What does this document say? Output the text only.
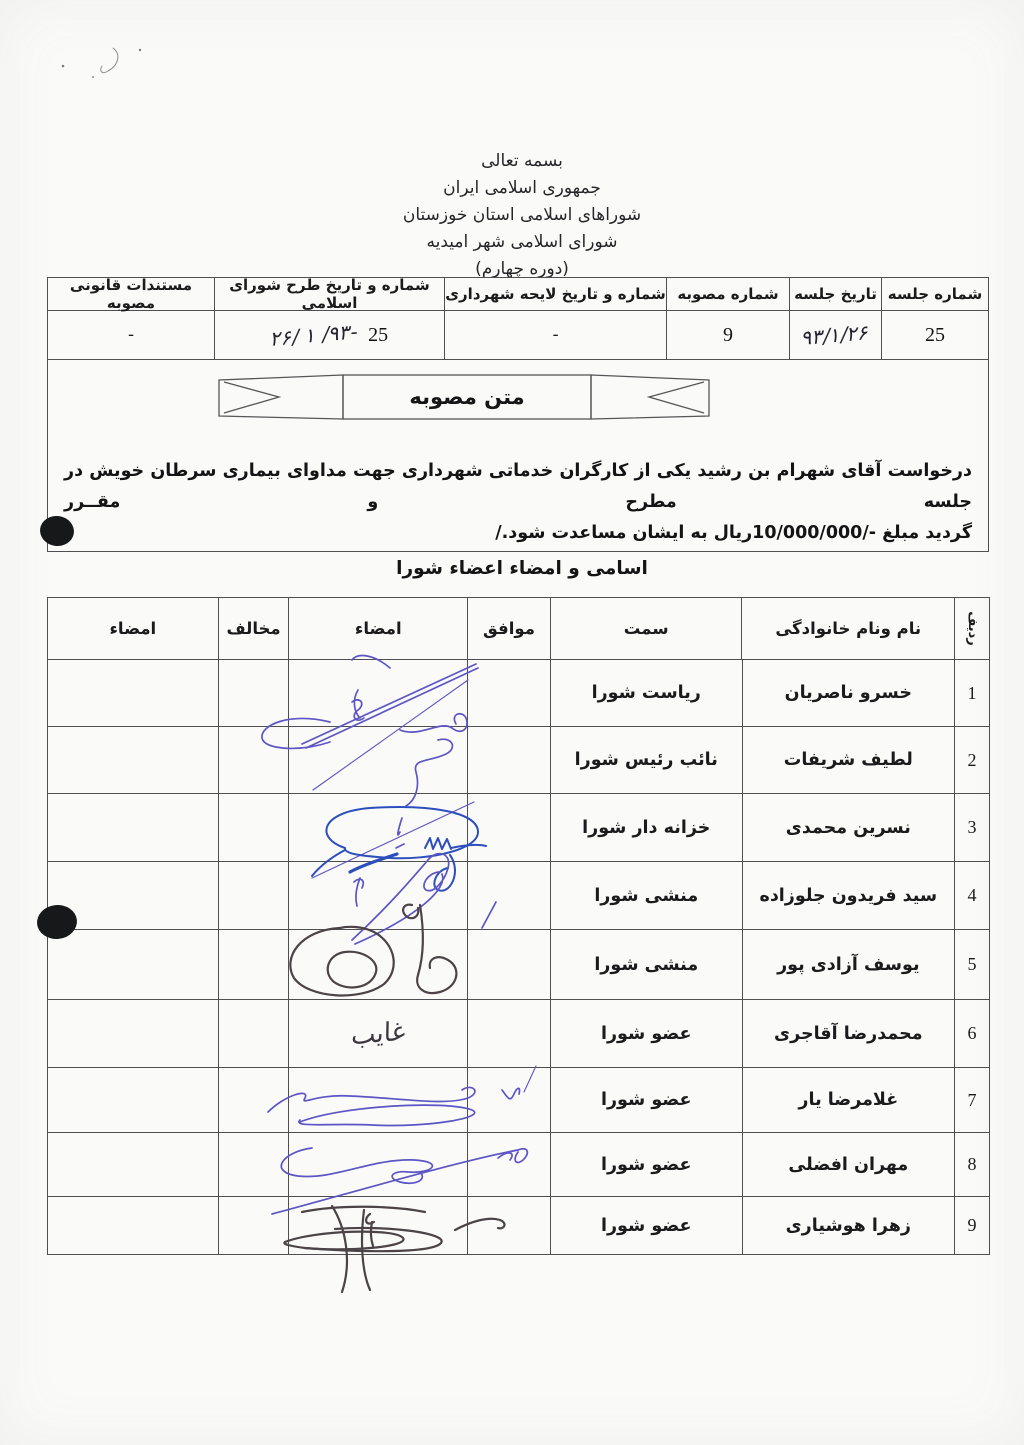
بسمه تعالی
جمهوری اسلامی ایران
شوراهای اسلامی استان خوزستان
شورای اسلامی شهر امیدیه
(دوره چهارم)
شماره جلسه
تاریخ جلسه
شماره مصوبه
شماره و تاریخ لایحه شهرداری
شماره و تاریخ طرح شورای اسلامی
مستندات قانونی مصوبه
25
۹۳/۱/۲۶
9
-
25
-۹۳/ ۱ /۲۶
-
متن مصوبه
درخواست آقای شهرام بن رشید یکی از کارگران خدماتی شهرداری جهت مداوای بیماری سرطان خویش در جلسه مطرح و مقــرر
گردید مبلغ -/10/000/000ریال به ایشان مساعدت شود./
اسامی و امضاء اعضاء شورا
ردیف
نام ونام خانوادگی
سمت
موافق
امضاء
مخالف
امضاء
1
خسرو ناصریان
ریاست شورا
2
لطیف شریفات
نائب رئیس شورا
3
نسرین محمدی
خزانه دار شورا
4
سید فریدون جلوزاده
منشی شورا
5
یوسف آزادی پور
منشی شورا
6
محمدرضا آقاجری
عضو شورا
غایب
7
غلامرضا یار
عضو شورا
8
مهران افضلی
عضو شورا
9
زهرا هوشیاری
عضو شورا
